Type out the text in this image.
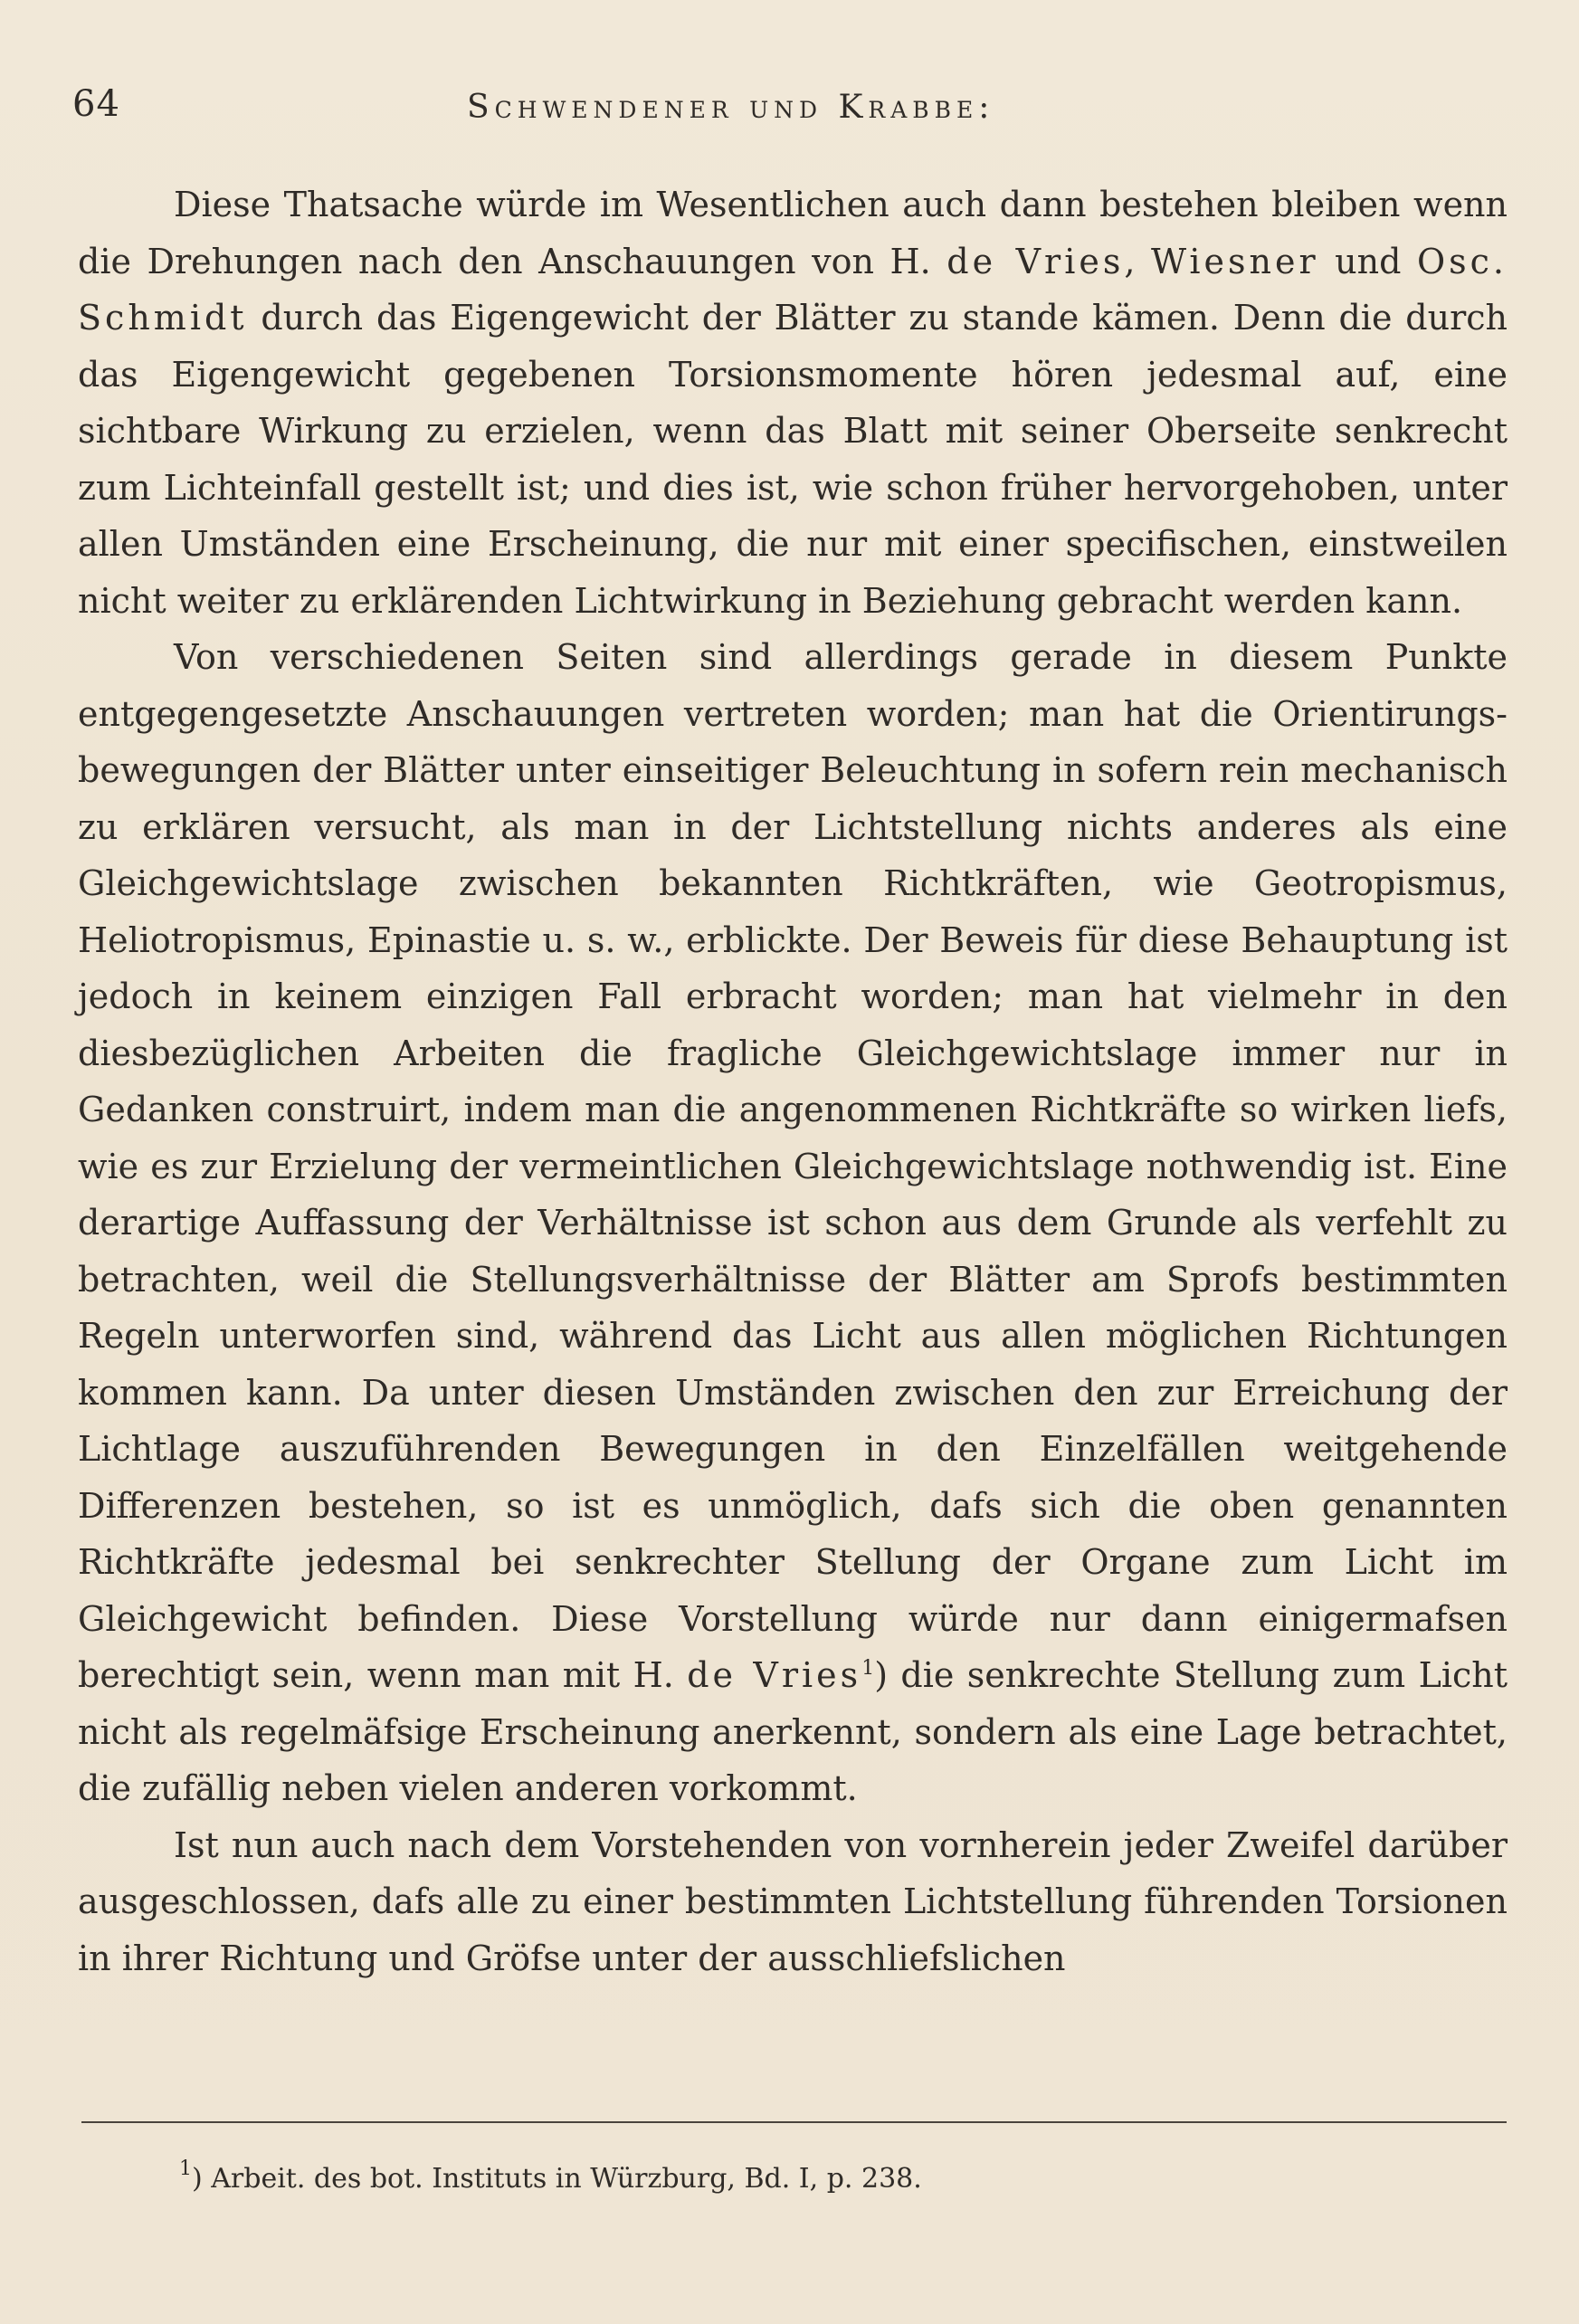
64	Schwendener und Krabbe:

Diese Thatsache würde im Wesentlichen auch dann bestehen bleiben wenn die Drehungen nach den Anschauungen von H. de Vries, Wiesner und Osc. Schmidt durch das Eigengewicht der Blätter zu stande kämen. Denn die durch das Eigengewicht gegebenen Torsionsmomente hören jedesmal auf, eine sichtbare Wirkung zu erzielen, wenn das Blatt mit seiner Oberseite senkrecht zum Lichteinfall gestellt ist; und dies ist, wie schon früher hervorgehoben, unter allen Umständen eine Erscheinung, die nur mit einer specifischen, einstweilen nicht weiter zu erklärenden Lichtwirkung in Beziehung gebracht werden kann.

Von verschiedenen Seiten sind allerdings gerade in diesem Punkte entgegengesetzte Anschauungen vertreten worden; man hat die Orientirungsbewegungen der Blätter unter einseitiger Beleuchtung in sofern rein mechanisch zu erklären versucht, als man in der Lichtstellung nichts anderes als eine Gleichgewichtslage zwischen bekannten Richtkräften, wie Geotropismus, Heliotropismus, Epinastie u. s. w., erblickte. Der Beweis für diese Behauptung ist jedoch in keinem einzigen Fall erbracht worden; man hat vielmehr in den diesbezüglichen Arbeiten die fragliche Gleichgewichtslage immer nur in Gedanken construirt, indem man die angenommenen Richtkräfte so wirken liefs, wie es zur Erzielung der vermeintlichen Gleichgewichtslage nothwendig ist. Eine derartige Auffassung der Verhältnisse ist schon aus dem Grunde als verfehlt zu betrachten, weil die Stellungsverhältnisse der Blätter am Sprofs bestimmten Regeln unterworfen sind, während das Licht aus allen möglichen Richtungen kommen kann. Da unter diesen Umständen zwischen den zur Erreichung der Lichtlage auszuführenden Bewegungen in den Einzelfällen weitgehende Differenzen bestehen, so ist es unmöglich, dafs sich die oben genannten Richtkräfte jedesmal bei senkrechter Stellung der Organe zum Licht im Gleichgewicht befinden. Diese Vorstellung würde nur dann einigermafsen berechtigt sein, wenn man mit H. de Vries$^1$) die senkrechte Stellung zum Licht nicht als regelmäfsige Erscheinung anerkennt, sondern als eine Lage betrachtet, die zufällig neben vielen anderen vorkommt.

Ist nun auch nach dem Vorstehenden von vornherein jeder Zweifel darüber ausgeschlossen, dafs alle zu einer bestimmten Lichtstellung führenden Torsionen in ihrer Richtung und Gröfse unter der ausschliefslichen

$^1$) Arbeit. des bot. Instituts in Würzburg, Bd. I, p. 238.
